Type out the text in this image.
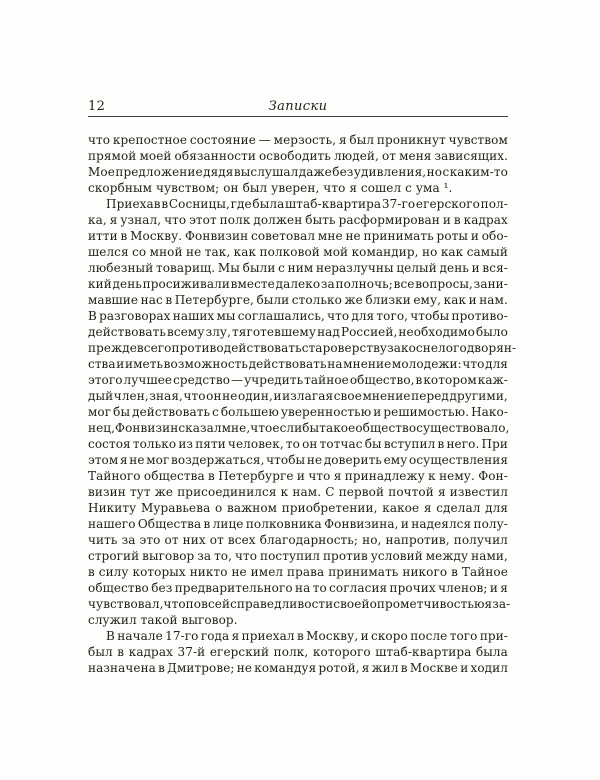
12	Записки
что крепостное состояние — мерзость, я был проникнут чувством
прямой моей обязанности освободить людей, от меня зависящих.
Мое предложение дядя выслушал даже без удивления, но с каким-то
скорбным чувством; он был уверен, что я сошел с ума ¹.
Приехав в Сосницы, где была штаб-квартира 37-го егерского пол-
ка, я узнал, что этот полк должен быть расформирован и в кадрах
итти в Москву. Фонвизин советовал мне не принимать роты и обо-
шелся со мной не так, как полковой мой командир, но как самый
любезный товарищ. Мы были с ним неразлучны целый день и вся-
кий день просиживали вместе далеко за полночь; все вопросы, зани-
мавшие нас в Петербурге, были столько же близки ему, как и нам.
В разговорах наших мы соглашались, что для того, чтобы противо-
действовать всему злу, тяготевшему над Россией, необходимо было
прежде всего противодействовать староверству закоснелого дворян-
ства и иметь возможность действовать на мнение молодежи: что для
этого лучшее средство — учредить тайное общество, в котором каж-
дый член, зная, что он не один, и излагая свое мнение перед другими,
мог бы действовать с большею уверенностью и решимостью. Нако-
нец, Фонвизин сказал мне, что если бы такое общество существовало,
состоя только из пяти человек, то он тотчас бы вступил в него. При
этом я не мог воздержаться, чтобы не доверить ему осуществления
Тайного общества в Петербурге и что я принадлежу к нему. Фон-
визин тут же присоединился к нам. С первой почтой я известил
Никиту Муравьева о важном приобретении, какое я сделал для
нашего Общества в лице полковника Фонвизина, и надеялся полу-
чить за это от них от всех благодарность; но, напротив, получил
строгий выговор за то, что поступил против условий между нами,
в силу которых никто не имел права принимать никого в Тайное
общество без предварительного на то согласия прочих членов; и я
чувствовал, что по всей справедливости своей опрометчивостью я за-
служил такой выговор.
В начале 17-го года я приехал в Москву, и скоро после того при-
был в кадрах 37-й егерский полк, которого штаб-квартира была
назначена в Дмитрове; не командуя ротой, я жил в Москве и ходил
